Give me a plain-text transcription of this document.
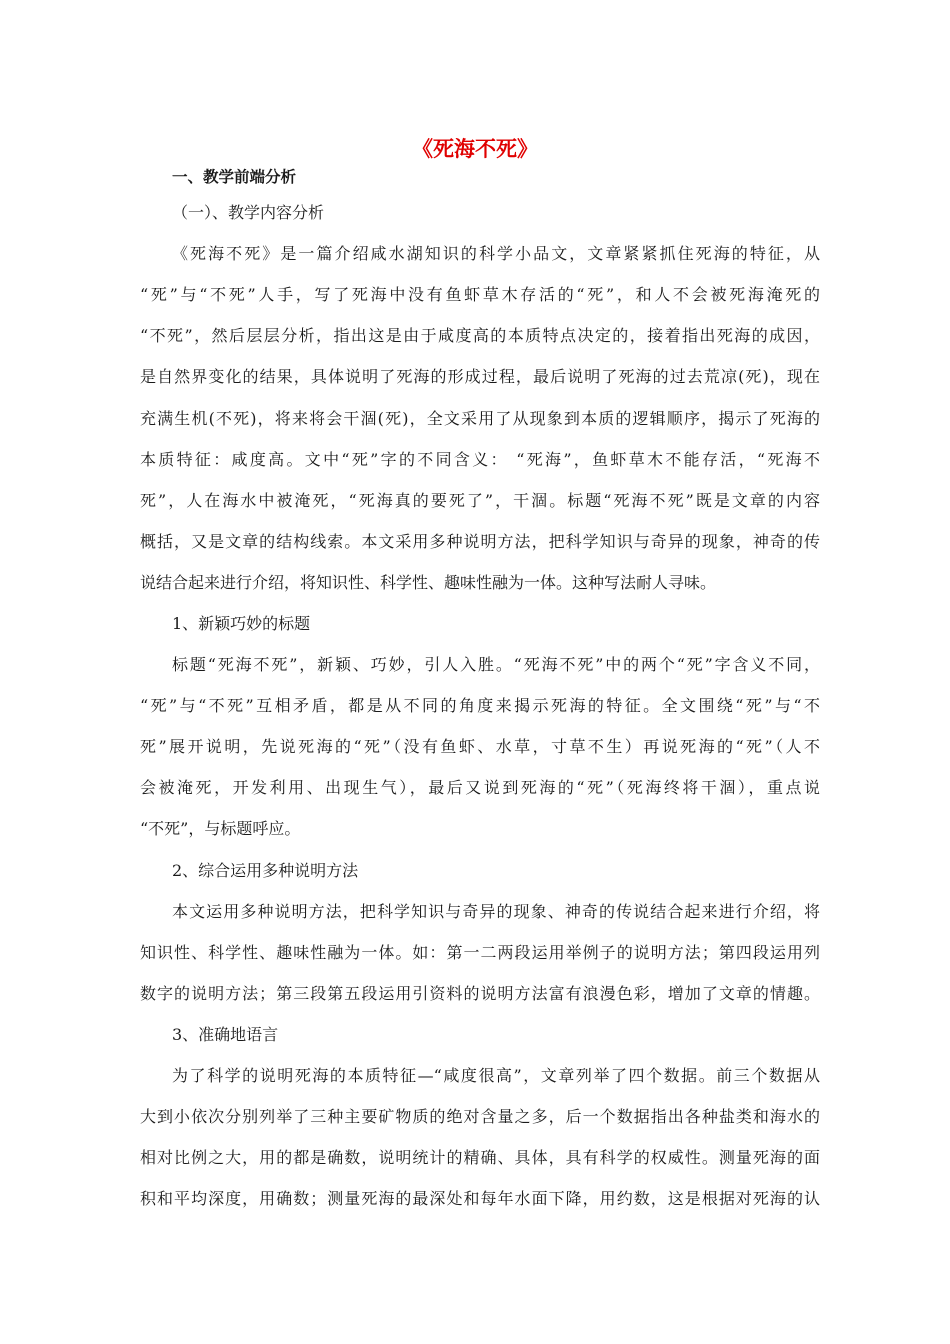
《死海不死》
一、教学前端分析
（一）、教学内容分析
《死海不死》是一篇介绍咸水湖知识的科学小品文，文章紧紧抓住死海的特征，从
“死”与“不死”人手，写了死海中没有鱼虾草木存活的“死”，和人不会被死海淹死的
“不死”，然后层层分析，指出这是由于咸度高的本质特点决定的，接着指出死海的成因，
是自然界变化的结果，具体说明了死海的形成过程，最后说明了死海的过去荒凉(死)，现在
充满生机(不死)，将来将会干涸(死)，全文采用了从现象到本质的逻辑顺序，揭示了死海的
本质特征：咸度高。文中“死”字的不同含义： “死海”，鱼虾草木不能存活，“死海不
死”，人在海水中被淹死，“死海真的要死了”，干涸。标题“死海不死”既是文章的内容
概括，又是文章的结构线索。本文采用多种说明方法，把科学知识与奇异的现象，神奇的传
说结合起来进行介绍，将知识性、科学性、趣味性融为一体。这种写法耐人寻味。
1、新颖巧妙的标题
标题“死海不死”，新颖、巧妙，引人入胜。“死海不死”中的两个“死”字含义不同，
“死”与“不死”互相矛盾，都是从不同的角度来揭示死海的特征。全文围绕“死”与“不
死”展开说明，先说死海的“死”（没有鱼虾、水草，寸草不生）再说死海的“死”（人不
会被淹死，开发利用、出现生气），最后又说到死海的“死”（死海终将干涸），重点说
“不死”，与标题呼应。
2、综合运用多种说明方法
本文运用多种说明方法，把科学知识与奇异的现象、神奇的传说结合起来进行介绍，将
知识性、科学性、趣味性融为一体。如：第一二两段运用举例子的说明方法；第四段运用列
数字的说明方法；第三段第五段运用引资料的说明方法富有浪漫色彩，增加了文章的情趣。
3、准确地语言
为了科学的说明死海的本质特征—“咸度很高”，文章列举了四个数据。前三个数据从
大到小依次分别列举了三种主要矿物质的绝对含量之多，后一个数据指出各种盐类和海水的
相对比例之大，用的都是确数，说明统计的精确、具体，具有科学的权威性。测量死海的面
积和平均深度，用确数；测量死海的最深处和每年水面下降，用约数，这是根据对死海的认
